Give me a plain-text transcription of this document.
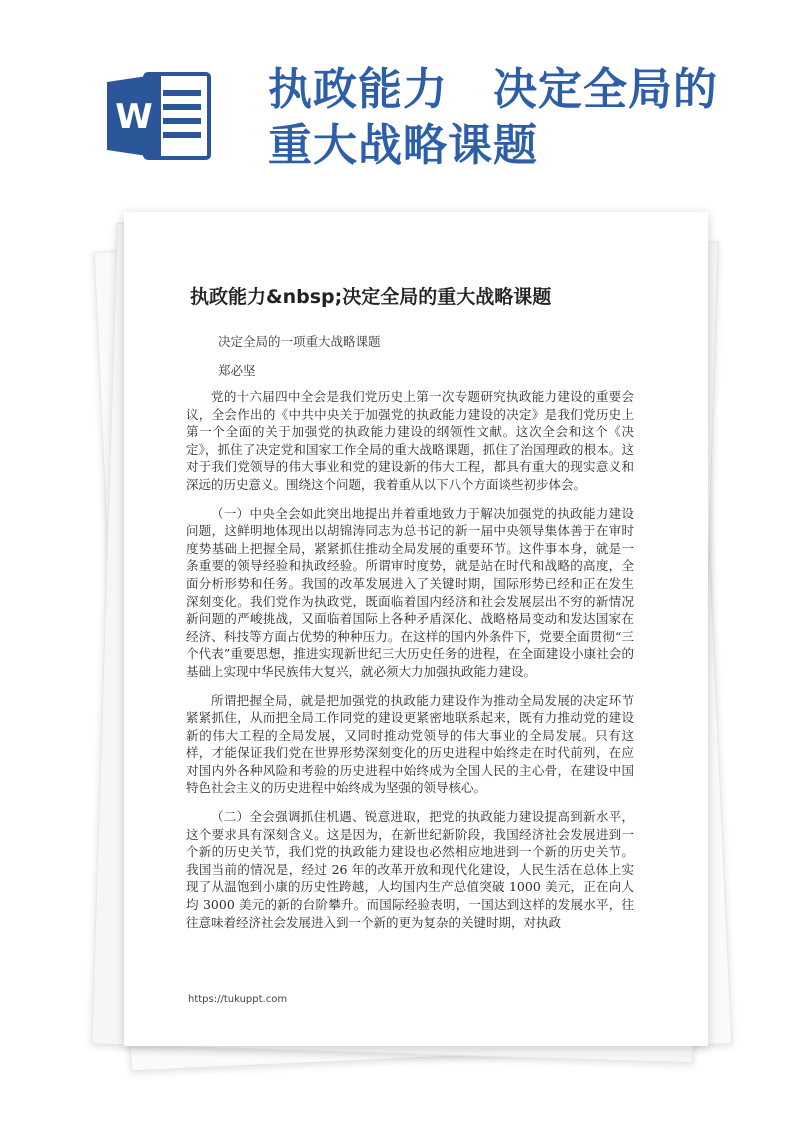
W
执政能力　决定全局的
重大战略课题
执政能力&nbsp;决定全局的重大战略课题
决定全局的一项重大战略课题
郑必坚

党的十六届四中全会是我们党历史上第一次专题研究执政能力建设的重要会议，全会作出的《中共中央关于加强党的执政能力建设的决定》是我们党历史上第一个全面的关于加强党的执政能力建设的纲领性文献。这次全会和这个《决定》，抓住了决定党和国家工作全局的重大战略课题，抓住了治国理政的根本。这对于我们党领导的伟大事业和党的建设新的伟大工程，都具有重大的现实意义和深远的历史意义。围绕这个问题，我着重从以下八个方面谈些初步体会。

（一）中央全会如此突出地提出并着重地致力于解决加强党的执政能力建设问题，这鲜明地体现出以胡锦涛同志为总书记的新一届中央领导集体善于在审时度势基础上把握全局，紧紧抓住推动全局发展的重要环节。这件事本身，就是一条重要的领导经验和执政经验。所谓审时度势，就是站在时代和战略的高度，全面分析形势和任务。我国的改革发展进入了关键时期，国际形势已经和正在发生深刻变化。我们党作为执政党，既面临着国内经济和社会发展层出不穷的新情况新问题的严峻挑战，又面临着国际上各种矛盾深化、战略格局变动和发达国家在经济、科技等方面占优势的种种压力。在这样的国内外条件下，党要全面贯彻“三个代表”重要思想，推进实现新世纪三大历史任务的进程，在全面建设小康社会的基础上实现中华民族伟大复兴，就必须大力加强执政能力建设。

所谓把握全局，就是把加强党的执政能力建设作为推动全局发展的决定环节紧紧抓住，从而把全局工作同党的建设更紧密地联系起来，既有力推动党的建设新的伟大工程的全局发展，又同时推动党领导的伟大事业的全局发展。只有这样，才能保证我们党在世界形势深刻变化的历史进程中始终走在时代前列，在应对国内外各种风险和考验的历史进程中始终成为全国人民的主心骨，在建设中国特色社会主义的历史进程中始终成为坚强的领导核心。

（二）全会强调抓住机遇、锐意进取，把党的执政能力建设提高到新水平，这个要求具有深刻含义。这是因为，在新世纪新阶段，我国经济社会发展进到一个新的历史关节，我们党的执政能力建设也必然相应地进到一个新的历史关节。我国当前的情况是，经过 26 年的改革开放和现代化建设，人民生活在总体上实现了从温饱到小康的历史性跨越，人均国内生产总值突破 1000 美元，正在向人均 3000 美元的新的台阶攀升。而国际经验表明，一国达到这样的发展水平，往往意味着经济社会发展进入到一个新的更为复杂的关键时期，对执政

https://tukuppt.com
